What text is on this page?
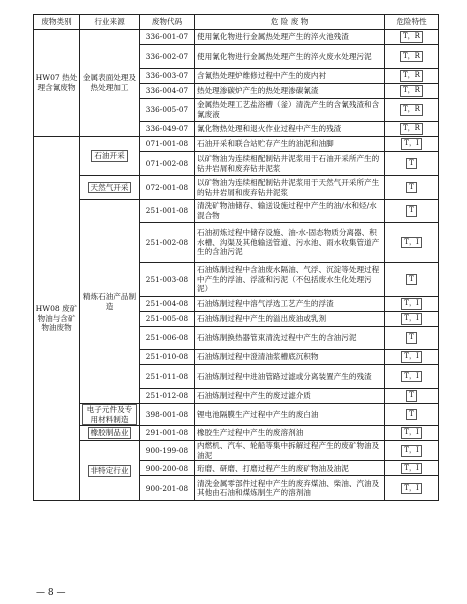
废物类别	行业来源	废物代码	危 险 废 物	危险特性
HW07 热处理含氰废物	金属表面处理及热处理加工	336-001-07	使用氰化物进行金属热处理产生的淬火池残渣	T，R
		336-002-07	使用氰化物进行金属热处理产生的淬火废水处理污泥	T，R
		336-003-07	含氰热处理炉维修过程中产生的废内衬	T，R
		336-004-07	热处理渗碳炉产生的热处理渗碳氰渣	T，R
		336-005-07	金属热处理工艺盐浴槽（釜）清洗产生的含氰残渣和含氰废液	T，R
		336-049-07	氰化物热处理和退火作业过程中产生的残渣	T，R
HW08 废矿物油与含矿物油废物	石油开采	071-001-08	石油开采和联合站贮存产生的油泥和油脚	T，I
		071-002-08	以矿物油为连续相配制钻井泥浆用于石油开采所产生的钻井岩屑和废弃钻井泥浆	T
	天然气开采	072-001-08	以矿物油为连续相配制钻井泥浆用于天然气开采所产生的钻井岩屑和废弃钻井泥浆	T
	精炼石油产品制造	251-001-08	清洗矿物油储存、输送设施过程中产生的油/水和烃/水混合物	T
		251-002-08	石油初炼过程中储存设施、油-水-固态物质分离器、积水槽、沟渠及其他输送管道、污水池、雨水收集管道产生的含油污泥	T，I
		251-003-08	石油炼制过程中含油废水隔油、气浮、沉淀等处理过程中产生的浮油、浮渣和污泥（不包括废水生化处理污泥）	T
		251-004-08	石油炼制过程中溶气浮选工艺产生的浮渣	T，I
		251-005-08	石油炼制过程中产生的溢出废油或乳剂	T，I
		251-006-08	石油炼制换热器管束清洗过程中产生的含油污泥	T
		251-010-08	石油炼制过程中澄清油浆槽底沉积物	T，I
		251-011-08	石油炼制过程中进油管路过滤或分离装置产生的残渣	T，I
		251-012-08	石油炼制过程中产生的废过滤介质	T
	电子元件及专用材料制造	398-001-08	锂电池隔膜生产过程中产生的废白油	T
	橡胶制品业	291-001-08	橡胶生产过程中产生的废溶剂油	T，I
	非特定行业	900-199-08	内燃机、汽车、轮船等集中拆解过程产生的废矿物油及油泥	T，I
		900-200-08	珩磨、研磨、打磨过程产生的废矿物油及油泥	T，I
		900-201-08	清洗金属零部件过程中产生的废弃煤油、柴油、汽油及其他由石油和煤炼制生产的溶剂油	T，I
— 8 —
